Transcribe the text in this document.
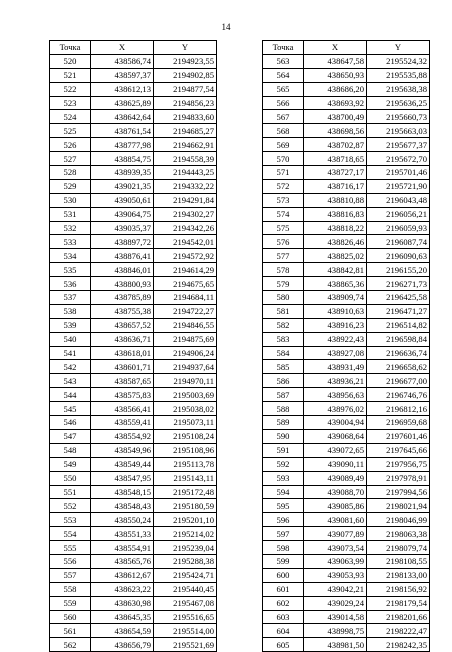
14
Точка	X	Y
520	438586,74	2194923,55
521	438597,37	2194902,85
522	438612,13	2194877,54
523	438625,89	2194856,23
524	438642,64	2194833,60
525	438761,54	2194685,27
526	438777,98	2194662,91
527	438854,75	2194558,39
528	438939,35	2194443,25
529	439021,35	2194332,22
530	439050,61	2194291,84
531	439064,75	2194302,27
532	439035,37	2194342,26
533	438897,72	2194542,01
534	438876,41	2194572,92
535	438846,01	2194614,29
536	438800,93	2194675,65
537	438785,89	2194684,11
538	438755,38	2194722,27
539	438657,52	2194846,55
540	438636,71	2194875,69
541	438618,01	2194906,24
542	438601,71	2194937,64
543	438587,65	2194970,11
544	438575,83	2195003,69
545	438566,41	2195038,02
546	438559,41	2195073,11
547	438554,92	2195108,24
548	438549,96	2195108,96
549	438549,44	2195113,78
550	438547,95	2195143,11
551	438548,15	2195172,48
552	438548,43	2195180,59
553	438550,24	2195201,10
554	438551,33	2195214,02
555	438554,91	2195239,04
556	438565,76	2195288,38
557	438612,67	2195424,71
558	438623,22	2195440,45
559	438630,98	2195467,08
560	438645,35	2195516,65
561	438654,59	2195514,00
562	438656,79	2195521,69
Точка	X	Y
563	438647,58	2195524,32
564	438650,93	2195535,88
565	438686,20	2195638,38
566	438693,92	2195636,25
567	438700,49	2195660,73
568	438698,56	2195663,03
569	438702,87	2195677,37
570	438718,65	2195672,70
571	438727,17	2195701,46
572	438716,17	2195721,90
573	438810,88	2196043,48
574	438816,83	2196056,21
575	438818,22	2196059,93
576	438826,46	2196087,74
577	438825,02	2196090,63
578	438842,81	2196155,20
579	438865,36	2196271,73
580	438909,74	2196425,58
581	438910,63	2196471,27
582	438916,23	2196514,82
583	438922,43	2196598,84
584	438927,08	2196636,74
585	438931,49	2196658,62
586	438936,21	2196677,00
587	438956,63	2196746,76
588	438976,02	2196812,16
589	439004,94	2196959,68
590	439068,64	2197601,46
591	439072,65	2197645,66
592	439090,11	2197956,75
593	439089,49	2197978,91
594	439088,70	2197994,56
595	439085,86	2198021,94
596	439081,60	2198046,99
597	439077,89	2198063,38
598	439073,54	2198079,74
599	439063,99	2198108,55
600	439053,93	2198133,00
601	439042,21	2198156,92
602	439029,24	2198179,54
603	439014,58	2198201,66
604	438998,75	2198222,47
605	438981,50	2198242,35
